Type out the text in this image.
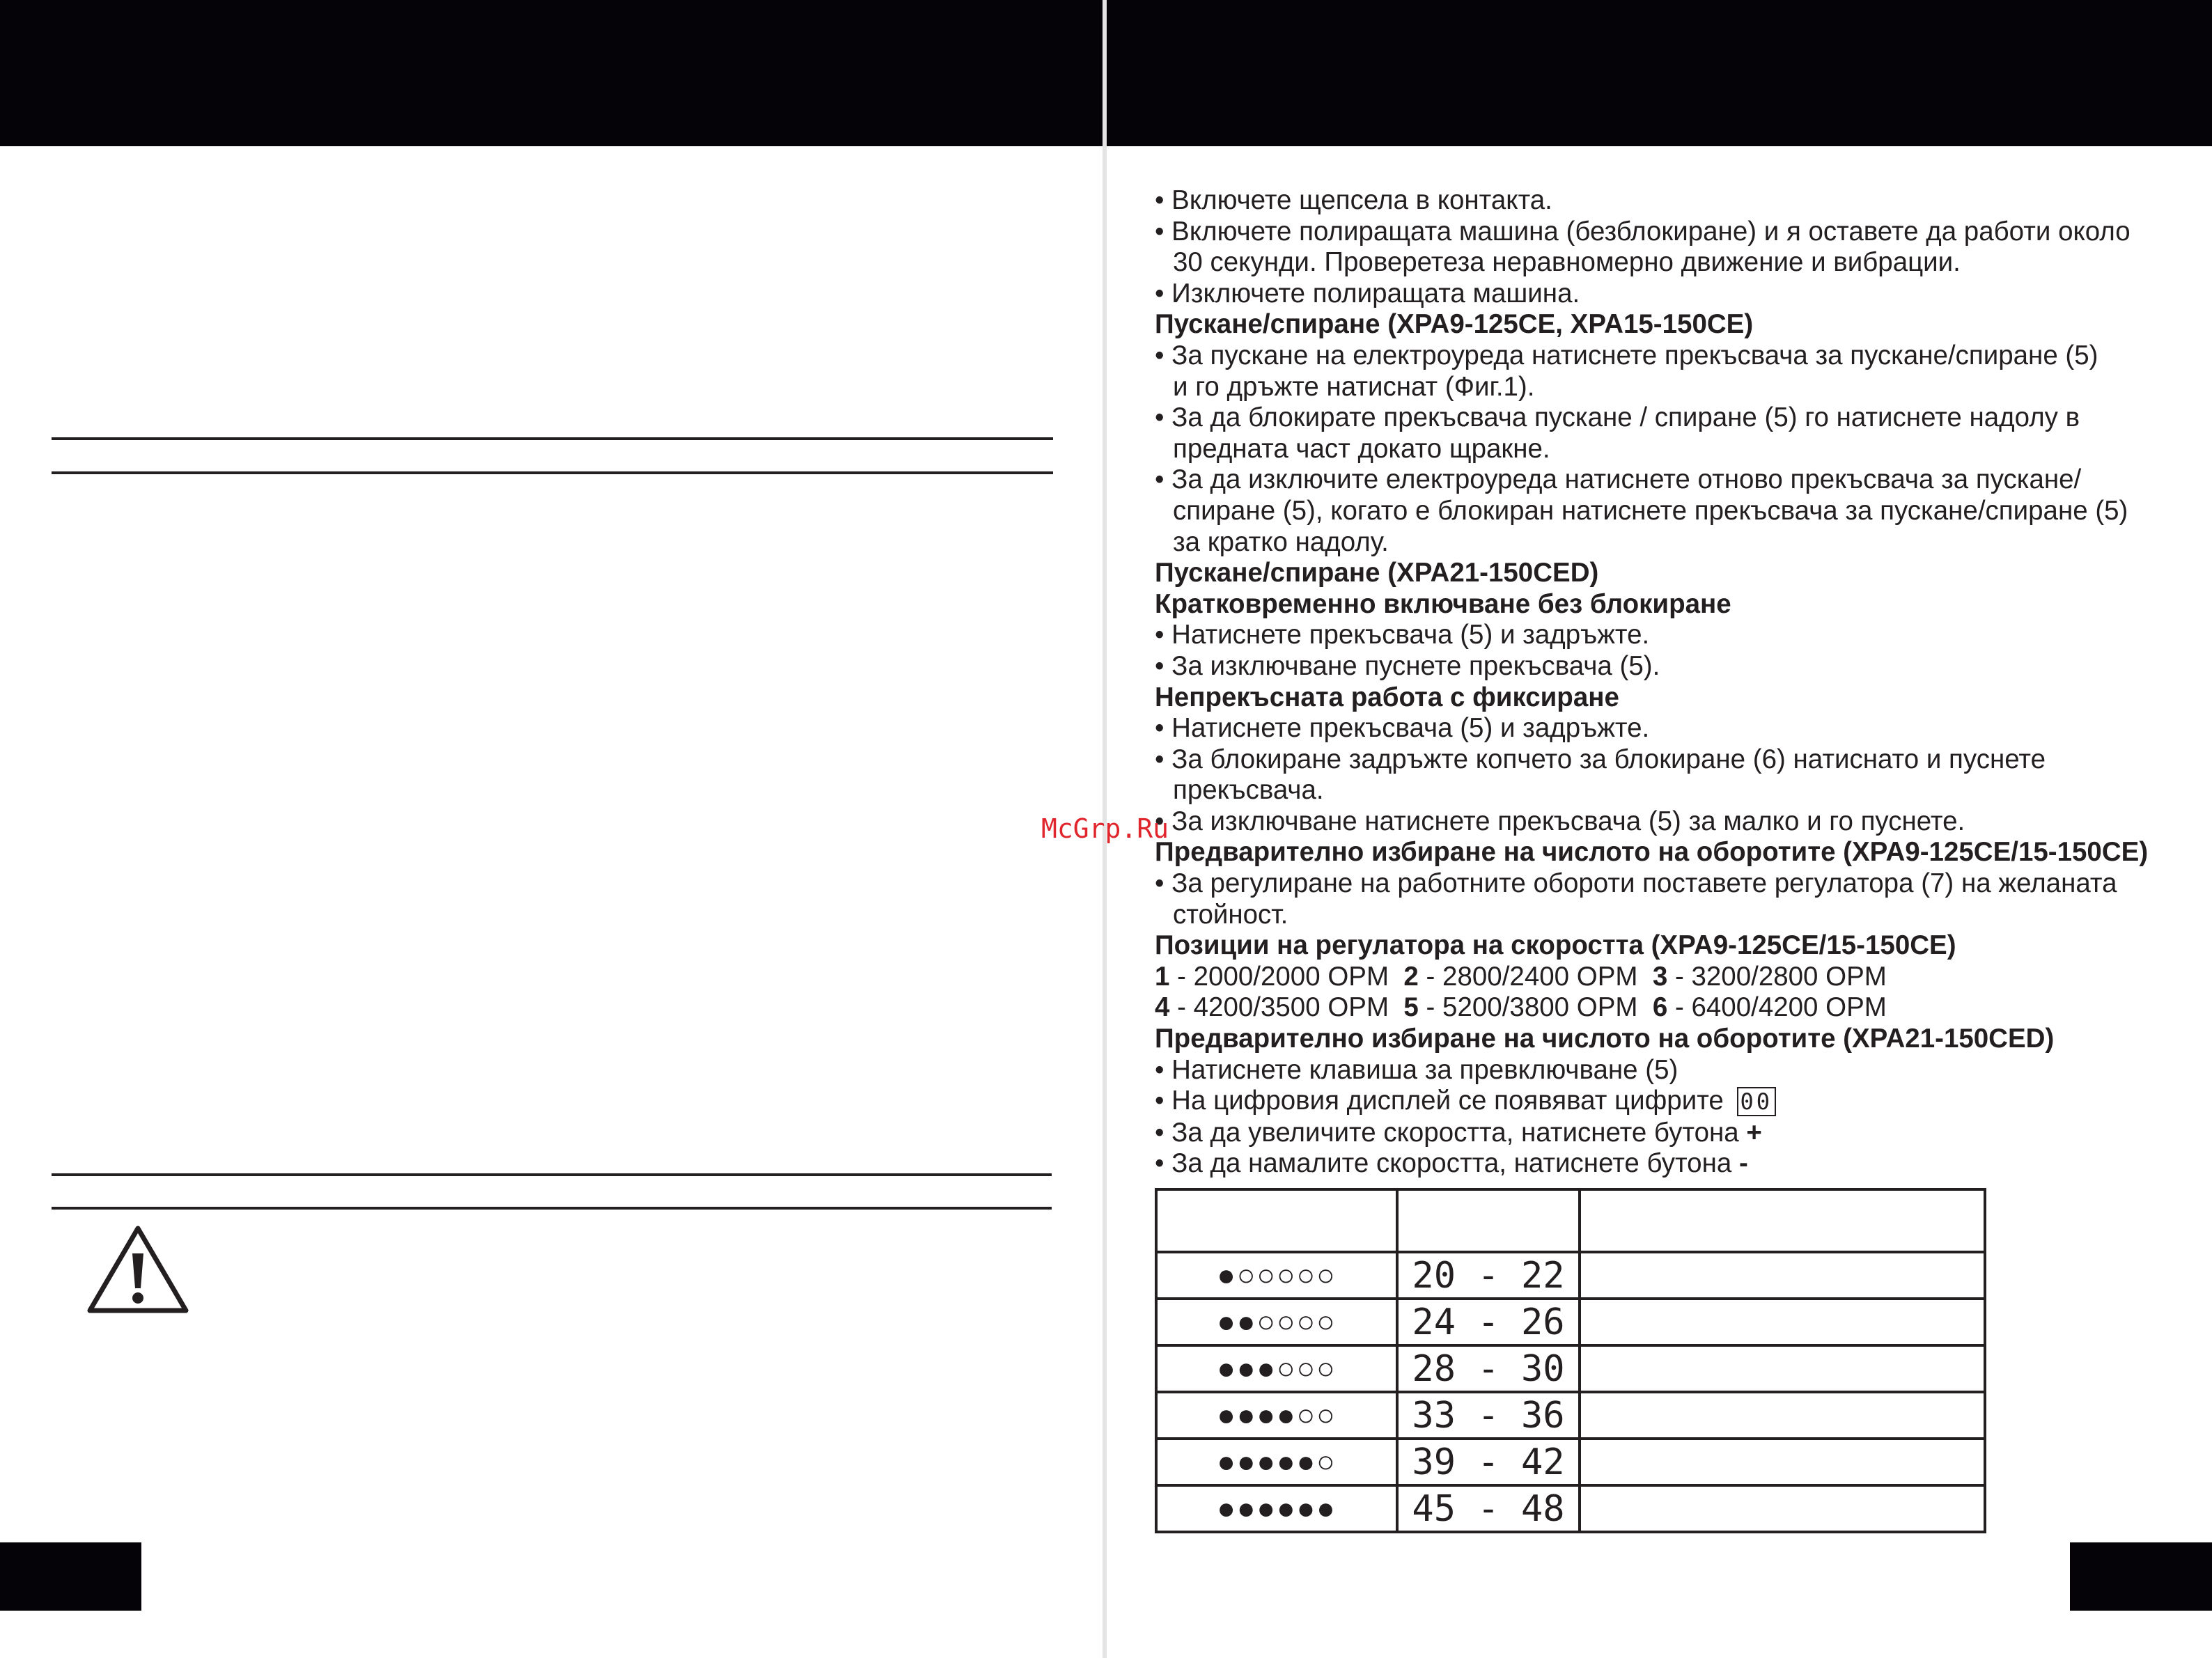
• Включете щепсела в контакта.
• Включете полиращата машина (безблокиране) и я оставете да работи около
30 секунди. Проверетеза неравномерно движение и вибрации.
• Изключете полиращата машина.
Пускане/спиране (XPA9-125CE, XPA15-150CE)
• За пускане на електроуреда натиснете прекъсвача за пускане/спиране (5)
и го дръжте натиснат (Фиг.1).
• За да блокирате прекъсвача пускане / спиране (5) го натиснете надолу в
предната част докато щракне.
• За да изключите електроуреда натиснете отново прекъсвача за пускане/
спиране (5), когато е блокиран натиснете прекъсвача за пускане/спиране (5)
за кратко надолу.
Пускане/спиране (XPA21-150CED)
Кратковременно включване без блокиране
• Натиснете прекъсвача (5) и задръжте.
• За изключване пуснете прекъсвача (5).
Непрекъсната работа с фиксиране
• Натиснете прекъсвача (5) и задръжте.
• За блокиране задръжте копчето за блокиране (6) натиснато и пуснете
прекъсвача.
• За изключване натиснете прекъсвача (5) за малко и го пуснете.
Предварително избиране на числото на оборотите (XPA9-125CE/15-150CE)
• За регулиране на работните обороти поставете регулатора (7) на желаната
стойност.
Позиции на регулатора на скоростта (XPA9-125CE/15-150CE)
1 - 2000/2000 OPM  2 - 2800/2400 OPM  3 - 3200/2800 OPM
4 - 4200/3500 OPM  5 - 5200/3800 OPM  6 - 6400/4200 OPM
Предварително избиране на числото на оборотите (XPA21-150CED)
• Натиснете клавиша за превключване (5)
• На цифровия дисплей се появяват цифрите 00
• За да увеличите скоростта, натиснете бутона +
• За да намалите скоростта, натиснете бутона -

●○○○○○	20 - 22	
●●○○○○	24 - 26	
●●●○○○	28 - 30	
●●●●○○	33 - 36	
●●●●●○	39 - 42	
●●●●●●	45 - 48	
McGrp.Ru
